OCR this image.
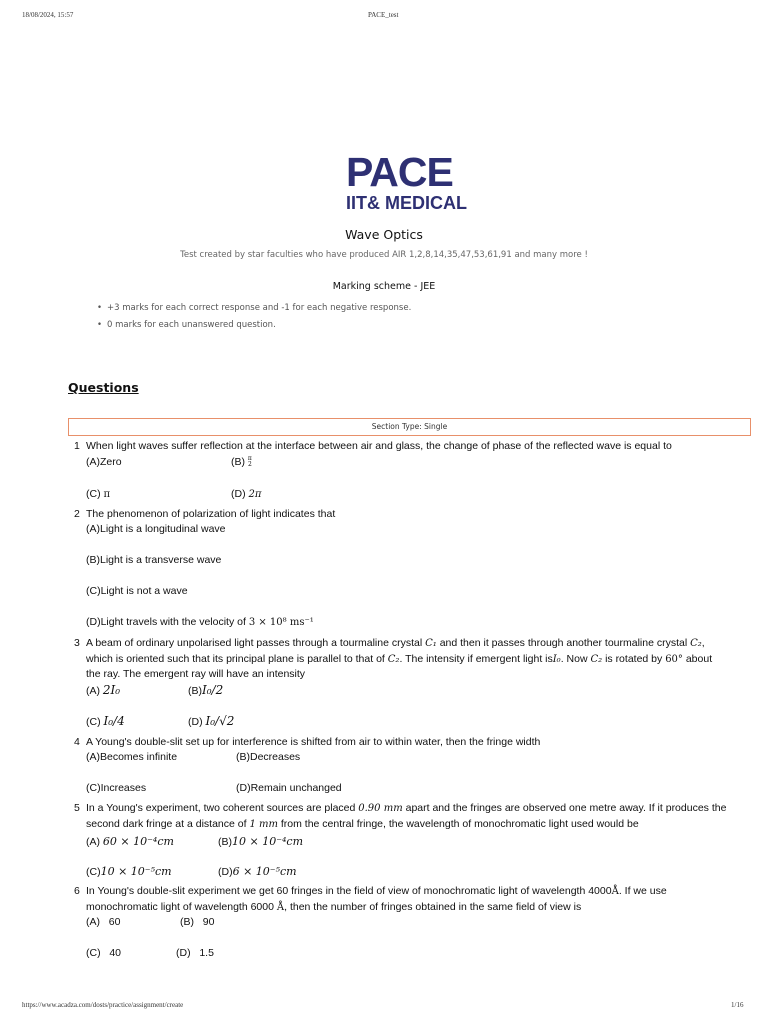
18/08/2024, 15:57	PACE_test
https://www.acadza.com/dosts/practice/assignment/create	1/16
PACE
IIT& MEDICAL
Wave Optics
Test created by star faculties who have produced AIR 1,2,8,14,35,47,53,61,91 and many more !
Marking scheme - JEE
• +3 marks for each correct response and -1 for each negative response.
• 0 marks for each unanswered question.
Questions
Section Type: Single
1 When light waves suffer reflection at the interface between air and glass, the change of phase of the reflected wave is equal to
(A)Zero	(B) π
2
(C) π	(D) 2π
2 The phenomenon of polarization of light indicates that
(A)Light is a longitudinal wave
(B)Light is a transverse wave
(C)Light is not a wave
(D)Light travels with the velocity of 3 × 10⁸ ms⁻¹
3 A beam of ordinary unpolarised light passes through a tourmaline crystal C₁ and then it passes through another tourmaline crystal C₂,
which is oriented such that its principal plane is parallel to that of C₂. The intensity if emergent light isI₀. Now C₂ is rotated by 60° about
the ray. The emergent ray will have an intensity
(A) 2I₀	(B)I₀/2
(C) I₀/4	(D) I₀/√2
4 A Young's double-slit set up for interference is shifted from air to within water, then the fringe width
(A)Becomes infinite	(B)Decreases
(C)Increases	(D)Remain unchanged
5 In a Young's experiment, two coherent sources are placed 0.90 mm apart and the fringes are observed one metre away. If it produces the
second dark fringe at a distance of 1 mm from the central fringe, the wavelength of monochromatic light used would be
(A) 60 × 10⁻⁴cm	(B)10 × 10⁻⁴cm
(C)10 × 10⁻⁵cm	(D)6 × 10⁻⁵cm
6 In Young's double-slit experiment we get 60 fringes in the field of view of monochromatic light of wavelength 4000Å. If we use
monochromatic light of wavelength 6000 Å, then the number of fringes obtained in the same field of view is
(A) 60	(B) 90
(C) 40	(D) 1.5
